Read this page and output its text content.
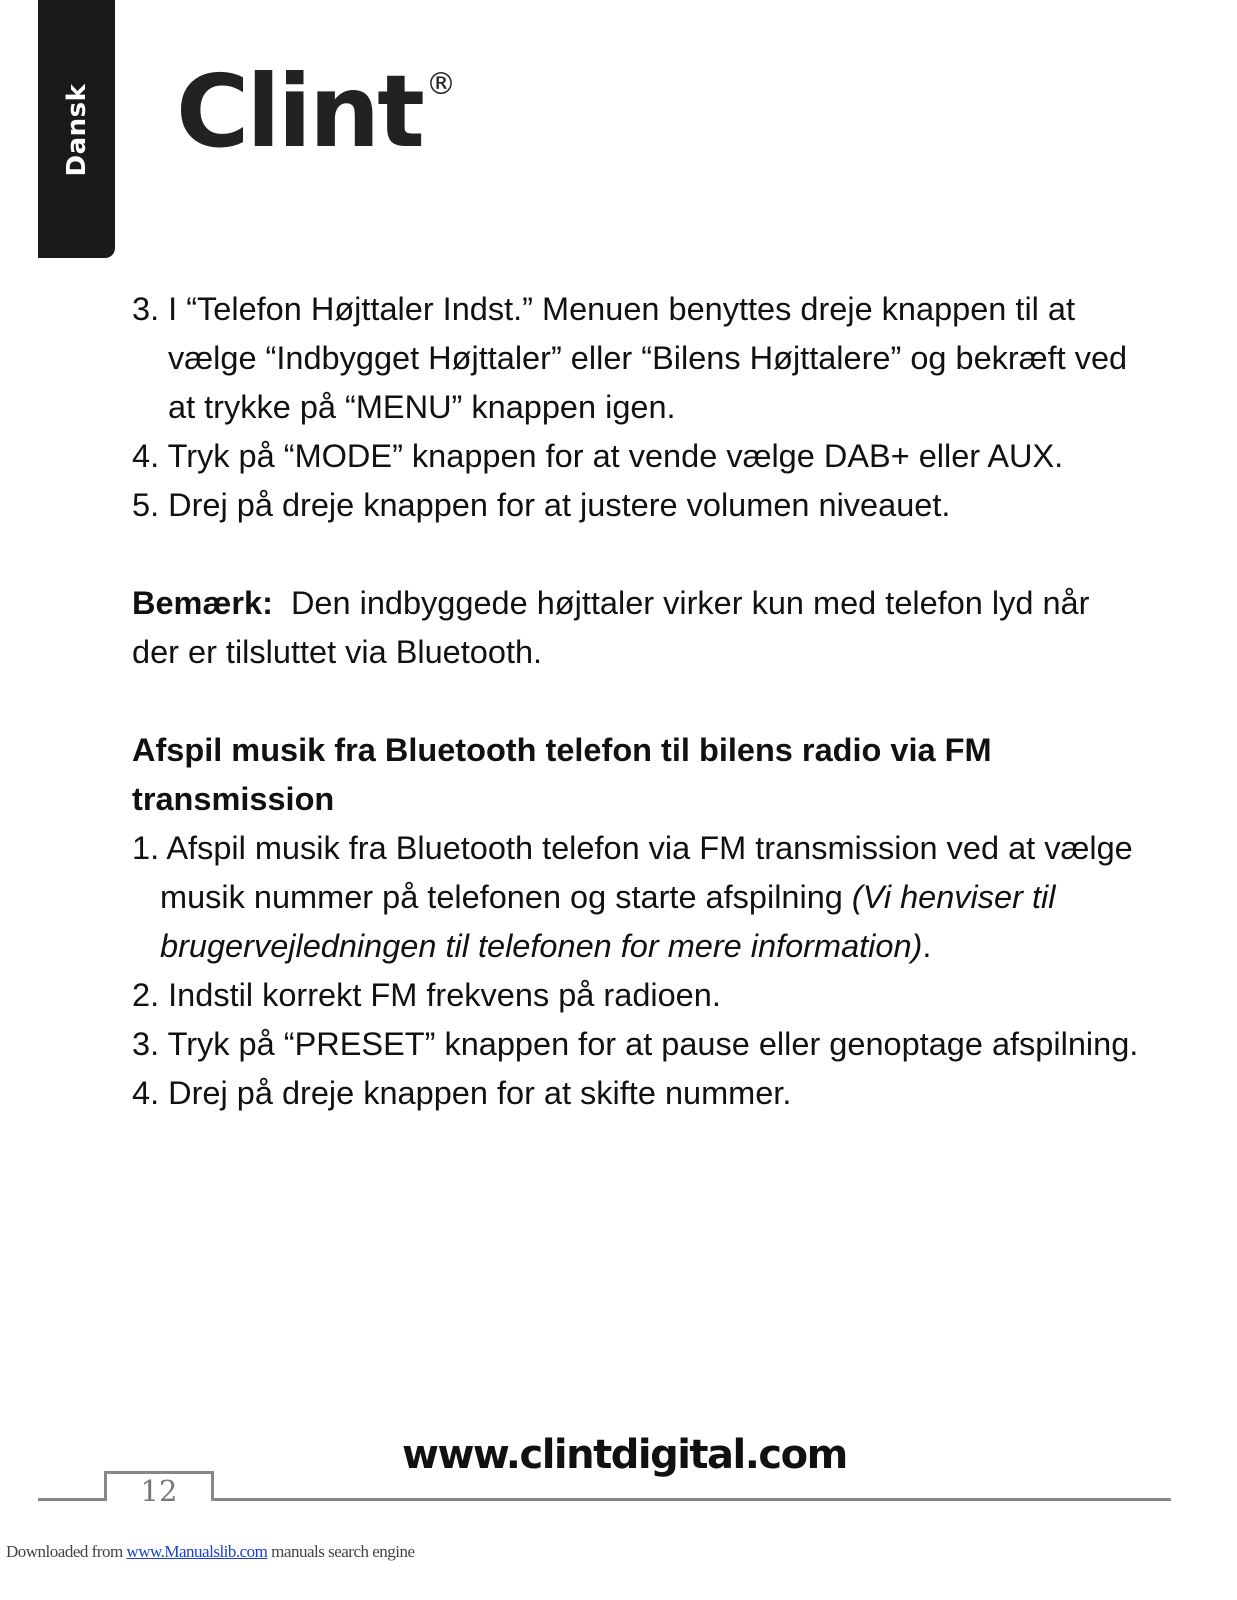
Dansk Clint ®
3. I “Telefon Højttaler Indst.” Menuen benyttes dreje knappen til at vælge “Indbygget Højttaler” eller “Bilens Højttalere” og bekræft ved at trykke på “MENU” knappen igen.
4. Tryk på “MODE” knappen for at vende vælge DAB+ eller AUX.
5. Drej på dreje knappen for at justere volumen niveauet.
Bemærk: Den indbyggede højttaler virker kun med telefon lyd når der er tilsluttet via Bluetooth.
Afspil musik fra Bluetooth telefon til bilens radio via FM transmission
1. Afspil musik fra Bluetooth telefon via FM transmission ved at vælge musik nummer på telefonen og starte afspilning (Vi henviser til brugervejledningen til telefonen for mere information).
2. Indstil korrekt FM frekvens på radioen.
3. Tryk på “PRESET” knappen for at pause eller genoptage afspilning.
4. Drej på dreje knappen for at skifte nummer.
www.clintdigital.com
12
Downloaded from www.Manualslib.com manuals search engine
